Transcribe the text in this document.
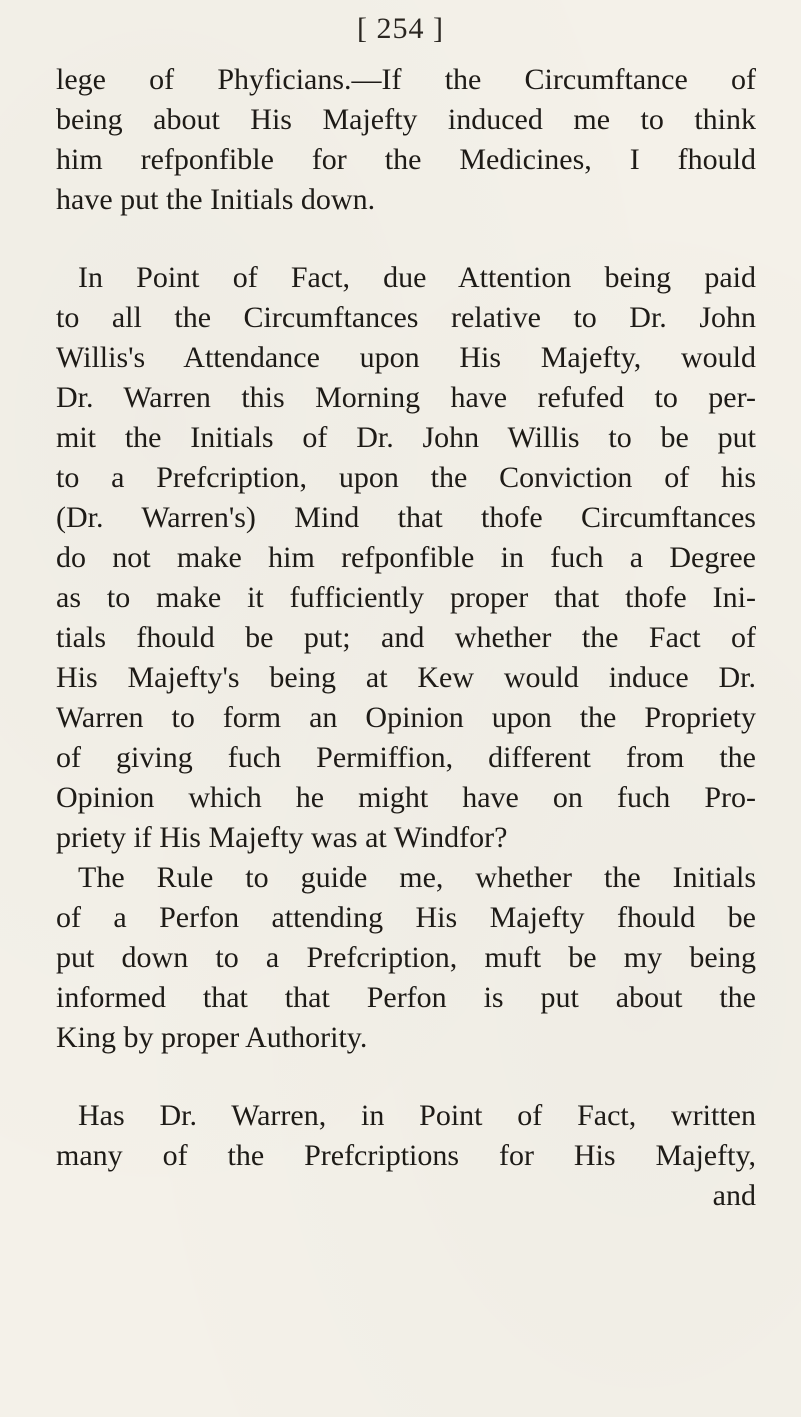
[ 254 ]
lege of Phyficians.—If the Circumftance of
being about His Majefty induced me to think
him refponfible for the Medicines, I fhould
have put the Initials down.
In Point of Fact, due Attention being paid
to all the Circumftances relative to Dr. John
Willis's Attendance upon His Majefty, would
Dr. Warren this Morning have refufed to per-
mit the Initials of Dr. John Willis to be put
to a Prefcription, upon the Conviction of his
(Dr. Warren's) Mind that thofe Circumftances
do not make him refponfible in fuch a Degree
as to make it fufficiently proper that thofe Ini-
tials fhould be put; and whether the Fact of
His Majefty's being at Kew would induce Dr.
Warren to form an Opinion upon the Propriety
of giving fuch Permiffion, different from the
Opinion which he might have on fuch Pro-
priety if His Majefty was at Windfor?
The Rule to guide me, whether the Initials
of a Perfon attending His Majefty fhould be
put down to a Prefcription, muft be my being
informed that that Perfon is put about the
King by proper Authority.
Has Dr. Warren, in Point of Fact, written
many of the Prefcriptions for His Majefty,
and
